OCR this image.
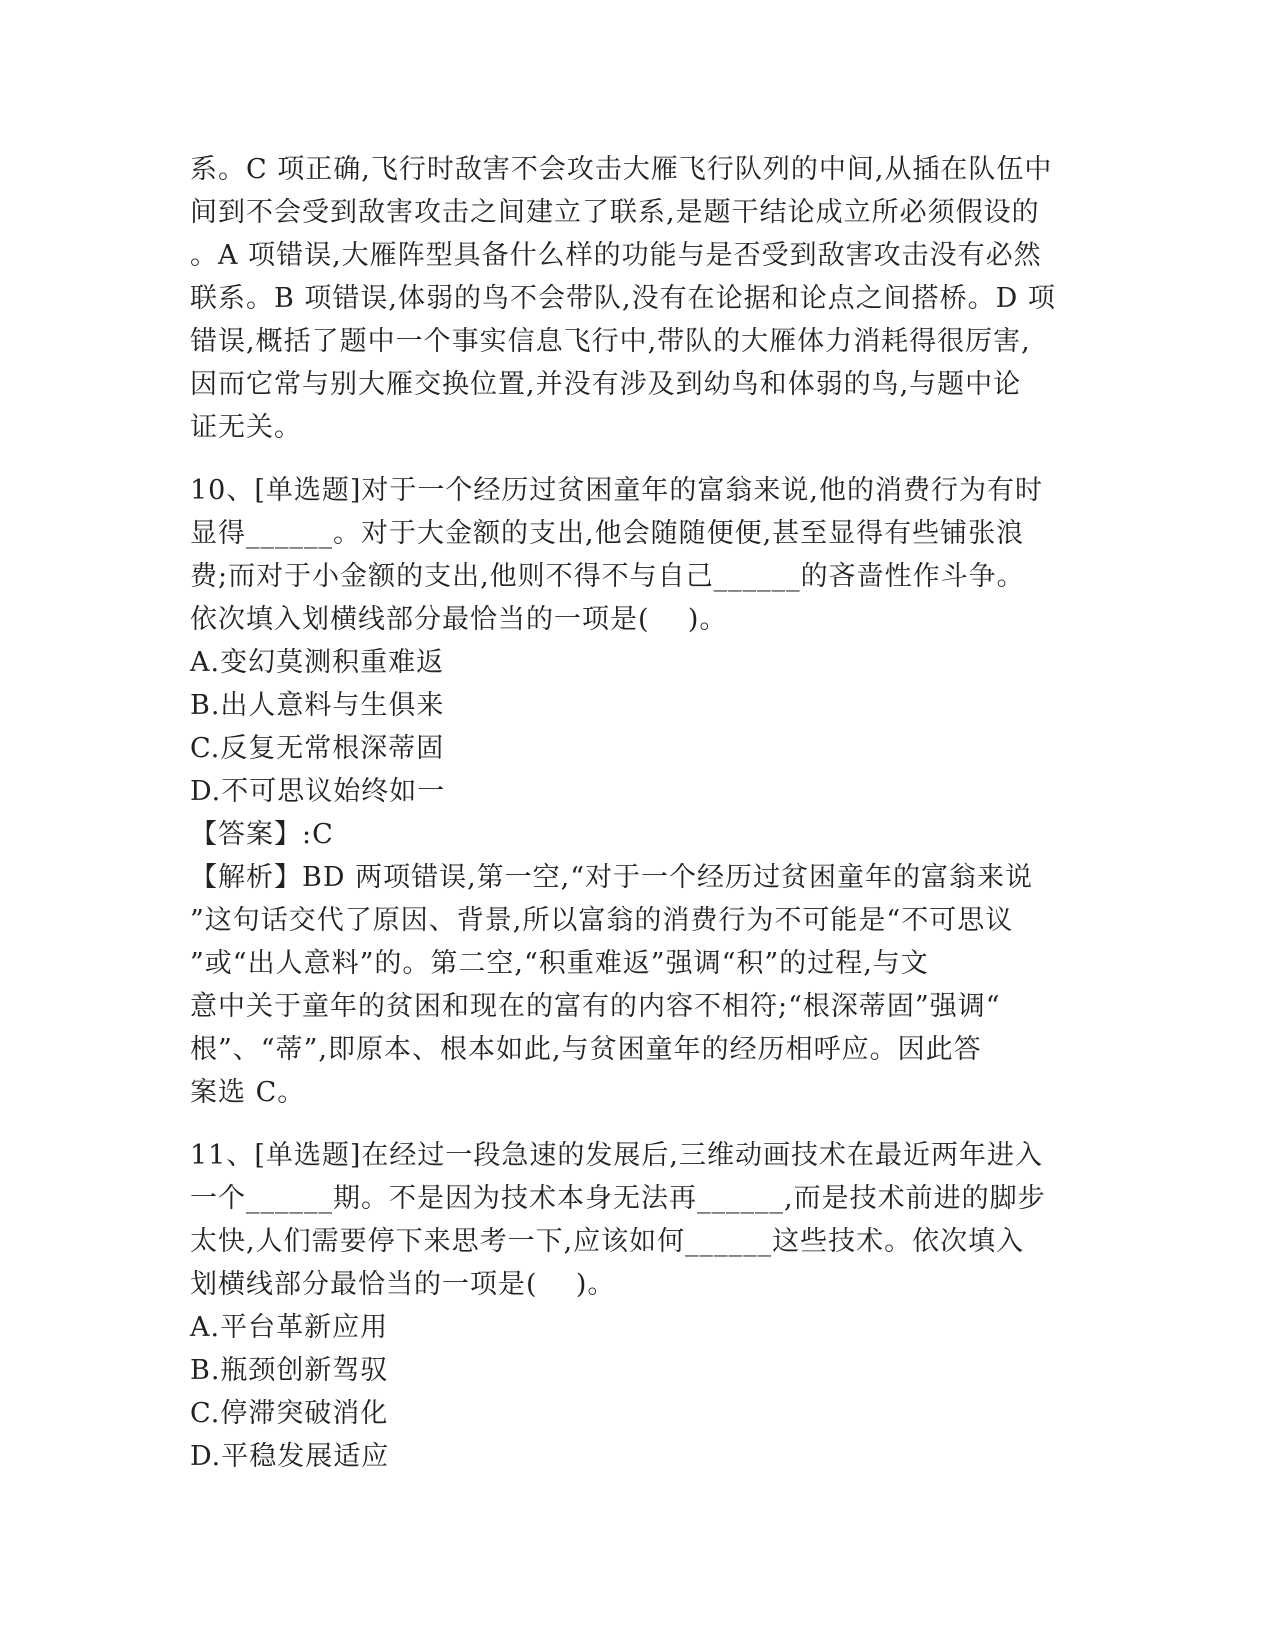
系。C 项正确,飞行时敌害不会攻击大雁飞行队列的中间,从插在队伍中
间到不会受到敌害攻击之间建立了联系,是题干结论成立所必须假设的
。A 项错误,大雁阵型具备什么样的功能与是否受到敌害攻击没有必然
联系。B 项错误,体弱的鸟不会带队,没有在论据和论点之间搭桥。D 项
错误,概括了题中一个事实信息飞行中,带队的大雁体力消耗得很厉害,
因而它常与别大雁交换位置,并没有涉及到幼鸟和体弱的鸟,与题中论
证无关。
10、[单选题]对于一个经历过贫困童年的富翁来说,他的消费行为有时
显得______。对于大金额的支出,他会随随便便,甚至显得有些铺张浪
费;而对于小金额的支出,他则不得不与自己______的吝啬性作斗争。
依次填入划横线部分最恰当的一项是(    )。
A.变幻莫测积重难返
B.出人意料与生俱来
C.反复无常根深蒂固
D.不可思议始终如一
【答案】:C
【解析】BD 两项错误,第一空,“对于一个经历过贫困童年的富翁来说
”这句话交代了原因、背景,所以富翁的消费行为不可能是“不可思议
”或“出人意料”的。第二空,“积重难返”强调“积”的过程,与文
意中关于童年的贫困和现在的富有的内容不相符;“根深蒂固”强调“
根”、“蒂”,即原本、根本如此,与贫困童年的经历相呼应。因此答
案选 C。
11、[单选题]在经过一段急速的发展后,三维动画技术在最近两年进入
一个______期。不是因为技术本身无法再______,而是技术前进的脚步
太快,人们需要停下来思考一下,应该如何______这些技术。依次填入
划横线部分最恰当的一项是(    )。
A.平台革新应用
B.瓶颈创新驾驭
C.停滞突破消化
D.平稳发展适应
